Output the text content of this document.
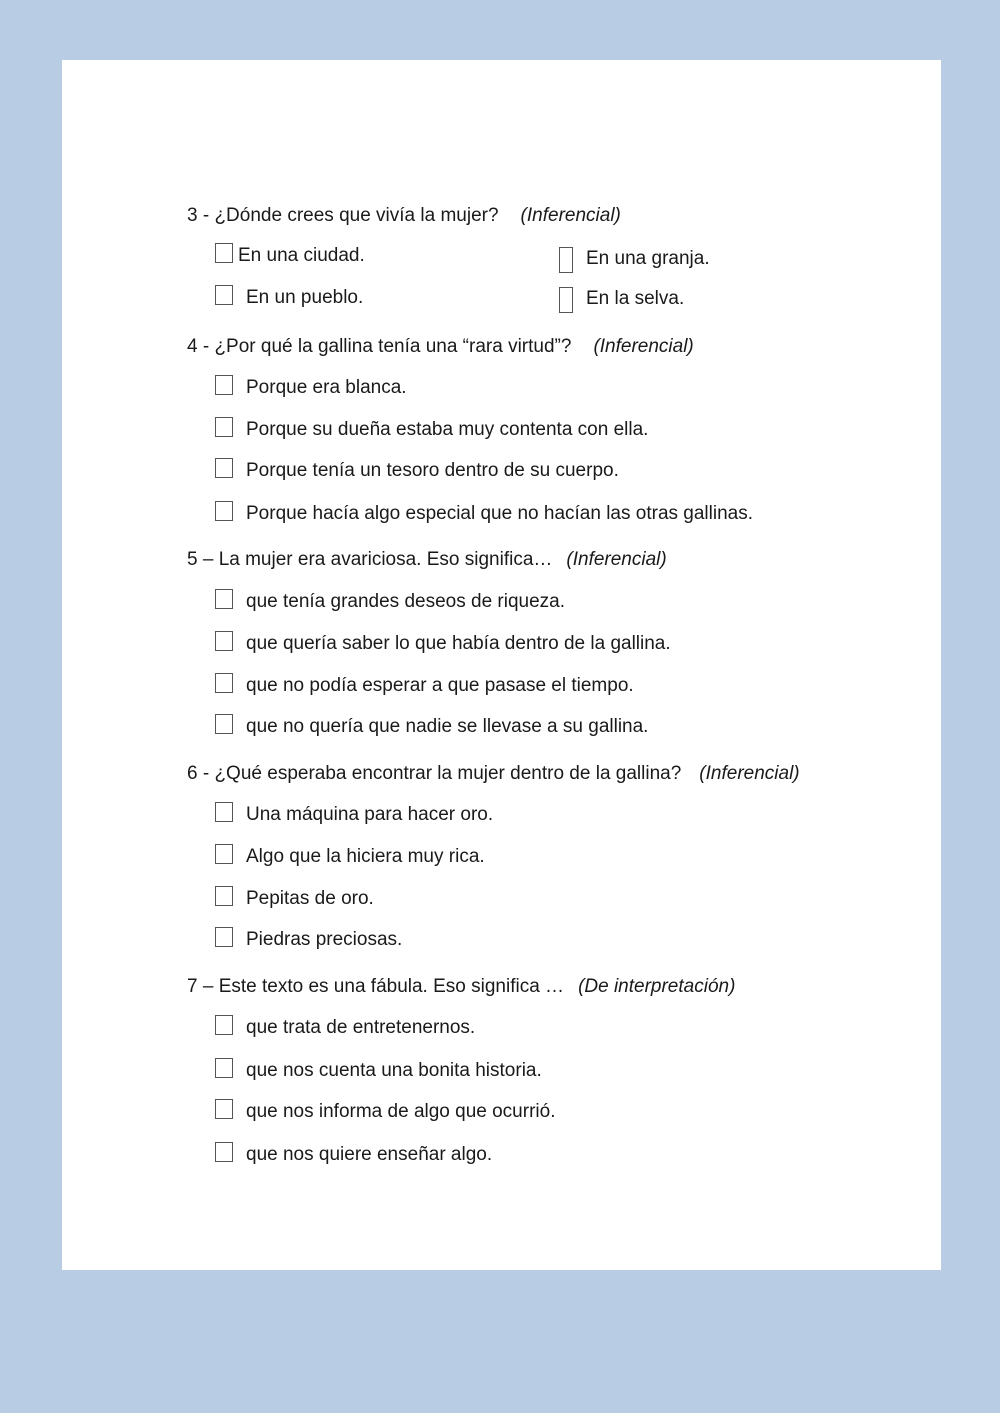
3 - ¿Dónde crees que vivía la mujer? (Inferencial)
En una ciudad.	En una granja.
En un pueblo.	En la selva.
4 - ¿Por qué la gallina tenía una “rara virtud”? (Inferencial)
Porque era blanca.
Porque su dueña estaba muy contenta con ella.
Porque tenía un tesoro dentro de su cuerpo.
Porque hacía algo especial que no hacían las otras gallinas.
5 – La mujer era avariciosa. Eso significa… (Inferencial)
que tenía grandes deseos de riqueza.
que quería saber lo que había dentro de la gallina.
que no podía esperar a que pasase el tiempo.
que no quería que nadie se llevase a su gallina.
6 - ¿Qué esperaba encontrar la mujer dentro de la gallina? (Inferencial)
Una máquina para hacer oro.
Algo que la hiciera muy rica.
Pepitas de oro.
Piedras preciosas.
7 – Este texto es una fábula. Eso significa … (De interpretación)
que trata de entretenernos.
que nos cuenta una bonita historia.
que nos informa de algo que ocurrió.
que nos quiere enseñar algo.
